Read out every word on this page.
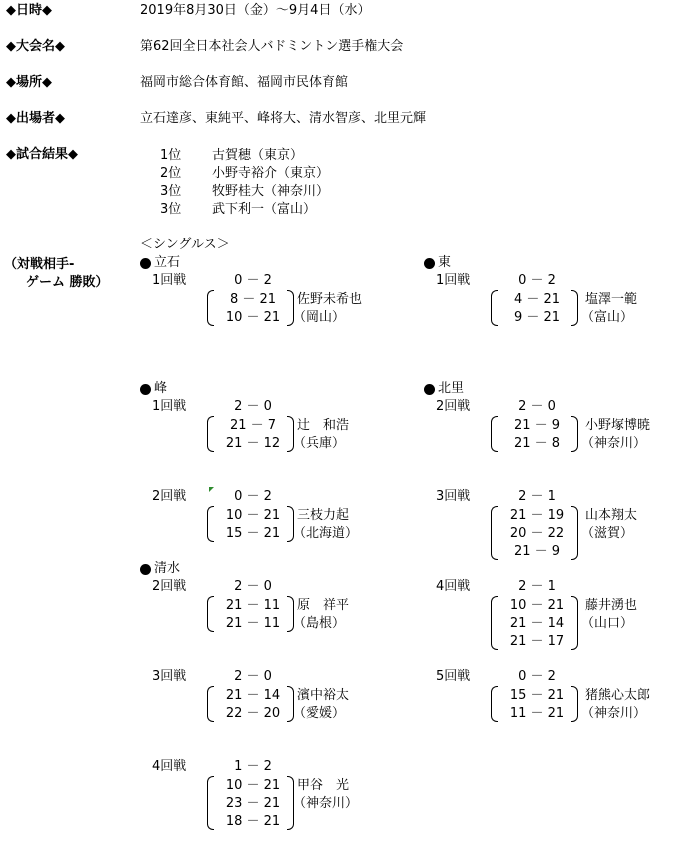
◆日時◆	2019年8月30日（金）～9月4日（水）
◆大会名◆	第62回全日本社会人バドミントン選手権大会
◆場所◆	福岡市総合体育館、福岡市民体育館
◆出場者◆	立石達彦、東純平、峰将大、清水智彦、北里元輝
◆試合結果◆	1位 古賀穂（東京）
2位 小野寺裕介（東京）
3位 牧野桂大（神奈川）
3位 武下利一（富山）
（対戦相手-
ゲーム 勝敗）
＜シングルス＞
立石
1回戦	0 － 2
8 － 21
10 － 21
佐野未希也
（岡山）
東
1回戦	0 － 2
4 － 21
9 － 21
塩澤一範
（富山）
峰
1回戦	2 － 0
21 － 7
21 － 12
辻　和浩
（兵庫）
2回戦	0 － 2
10 － 21
15 － 21
三枝力起
（北海道）
北里
2回戦	2 － 0
21 － 9
21 － 8
小野塚博暁
（神奈川）
3回戦	2 － 1
21 － 19
20 － 22
21 － 9
山本翔太
（滋賀）
4回戦	2 － 1
10 － 21
21 － 14
21 － 17
藤井湧也
（山口）
5回戦	0 － 2
15 － 21
11 － 21
猪熊心太郎
（神奈川）
清水
2回戦	2 － 0
21 － 11
21 － 11
原　祥平
（島根）
3回戦	2 － 0
21 － 14
22 － 20
濱中裕太
（愛媛）
4回戦	1 － 2
10 － 21
23 － 21
18 － 21
甲谷　光
（神奈川）
